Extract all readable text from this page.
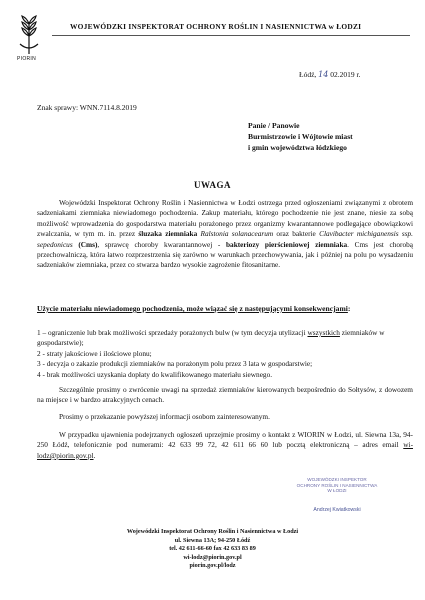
PIORIN
WOJEWÓDZKI INSPEKTORAT OCHRONY ROŚLIN I NASIENNICTWA w ŁODZI
Łódź, 14 02.2019 r.
Znak sprawy: WNN.7114.8.2019
Panie / Panowie
Burmistrzowie i Wójtowie miast
i gmin województwa łódzkiego
UWAGA
Wojewódzki Inspektorat Ochrony Roślin i Nasiennictwa w Łodzi ostrzega przed ogłoszeniami związanymi z obrotem sadzeniakami ziemniaka niewiadomego pochodzenia. Zakup materiału, którego pochodzenie nie jest znane, niesie za sobą możliwość wprowadzenia do gospodarstwa materiału porażonego przez organizmy kwarantannowe podlegające obowiązkowi zwalczania, w tym m. in. przez śluzaka ziemniaka Ralstonia solanacearum oraz bakterie Clavibacter michiganensis ssp. sepedonicus (Cms), sprawcę choroby kwarantannowej - bakteriozy pierścieniowej ziemniaka. Cms jest chorobą przechowalniczą, która łatwo rozprzestrzenia się zarówno w warunkach przechowywania, jak i później na polu po wysadzeniu sadzeniaków ziemniaka, przez co stwarza bardzo wysokie zagrożenie fitosanitarne.
Użycie materiału niewiadomego pochodzenia, może wiązać się z następującymi konsekwencjami:
1 – ograniczenie lub brak możliwości sprzedaży porażonych bulw (w tym decyzja utylizacji wszystkich ziemniaków w gospodarstwie);
2 - straty jakościowe i ilościowe plonu;
3 - decyzja o zakazie produkcji ziemniaków na porażonym polu przez 3 lata w gospodarstwie;
4 - brak możliwości uzyskania dopłaty do kwalifikowanego materiału siewnego.
Szczególnie prosimy o zwrócenie uwagi na sprzedaż ziemniaków kierowanych bezpośrednio do Sołtysów, z dowozem na miejsce i w bardzo atrakcyjnych cenach.
Prosimy o przekazanie powyższej informacji osobom zainteresowanym.
W przypadku ujawnienia podejrzanych ogłoszeń uprzejmie prosimy o kontakt z WIORIN w Łodzi, ul. Siewna 13a, 94-250 Łódź, telefonicznie pod numerami: 42 633 99 72, 42 611 66 60 lub pocztą elektroniczną – adres email wi-lodz@piorin.gov.pl.
WOJEWÓDZKI INSPEKTOR
OCHRONY ROŚLIN I NASIENNICTWA
W ŁODZI
Andrzej Kwiatkowski
Wojewódzki Inspektorat Ochrony Roślin i Nasiennictwa w Łodzi
ul. Siewna 13A; 94-250 Łódź
tel. 42 611-66-60 fax 42 633 83 89
wi-lodz@piorin.gov.pl
piorin.gov.pl/lodz
